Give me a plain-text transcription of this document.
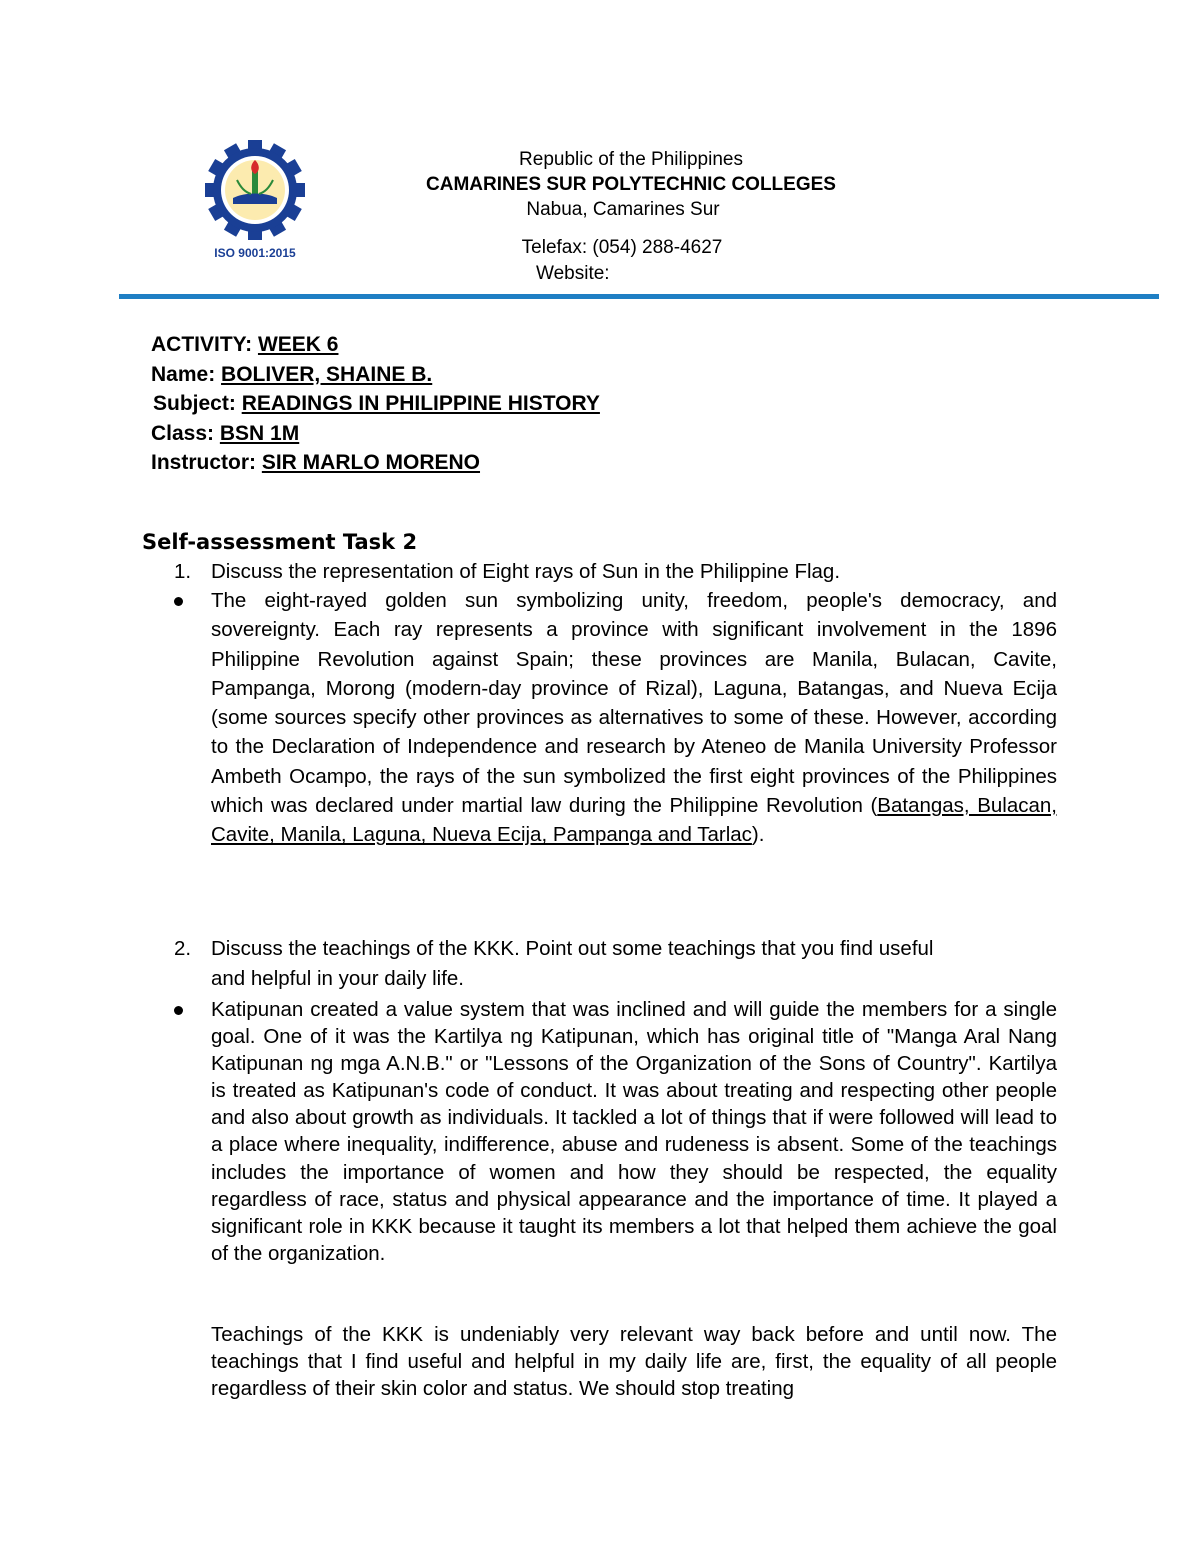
ISO 9001:2015
Republic of the Philippines
CAMARINES SUR POLYTECHNIC COLLEGES
Nabua, Camarines Sur
Telefax: (054) 288-4627
Website:
ACTIVITY: WEEK 6
Name: BOLIVER, SHAINE B.
Subject: READINGS IN PHILIPPINE HISTORY
Class: BSN 1M
Instructor: SIR MARLO MORENO
Self-assessment Task 2
1. Discuss the representation of Eight rays of Sun in the Philippine Flag.
The eight-rayed golden sun symbolizing unity, freedom, people's democracy, and sovereignty. Each ray represents a province with significant involvement in the 1896 Philippine Revolution against Spain; these provinces are Manila, Bulacan, Cavite, Pampanga, Morong (modern-day province of Rizal), Laguna, Batangas, and Nueva Ecija (some sources specify other provinces as alternatives to some of these. However, according to the Declaration of Independence and research by Ateneo de Manila University Professor Ambeth Ocampo, the rays of the sun symbolized the first eight provinces of the Philippines which was declared under martial law during the Philippine Revolution (Batangas, Bulacan, Cavite, Manila, Laguna, Nueva Ecija, Pampanga and Tarlac).
2. Discuss the teachings of the KKK. Point out some teachings that you find useful
and helpful in your daily life.
Katipunan created a value system that was inclined and will guide the members for a single goal. One of it was the Kartilya ng Katipunan, which has original title of "Manga Aral Nang Katipunan ng mga A.N.B." or "Lessons of the Organization of the Sons of Country". Kartilya is treated as Katipunan's code of conduct. It was about treating and respecting other people and also about growth as individuals. It tackled a lot of things that if were followed will lead to a place where inequality, indifference, abuse and rudeness is absent. Some of the teachings includes the importance of women and how they should be respected, the equality regardless of race, status and physical appearance and the importance of time. It played a significant role in KKK because it taught its members a lot that helped them achieve the goal of the organization.
Teachings of the KKK is undeniably very relevant way back before and until now. The teachings that I find useful and helpful in my daily life are, first, the equality of all people regardless of their skin color and status. We should stop treating
